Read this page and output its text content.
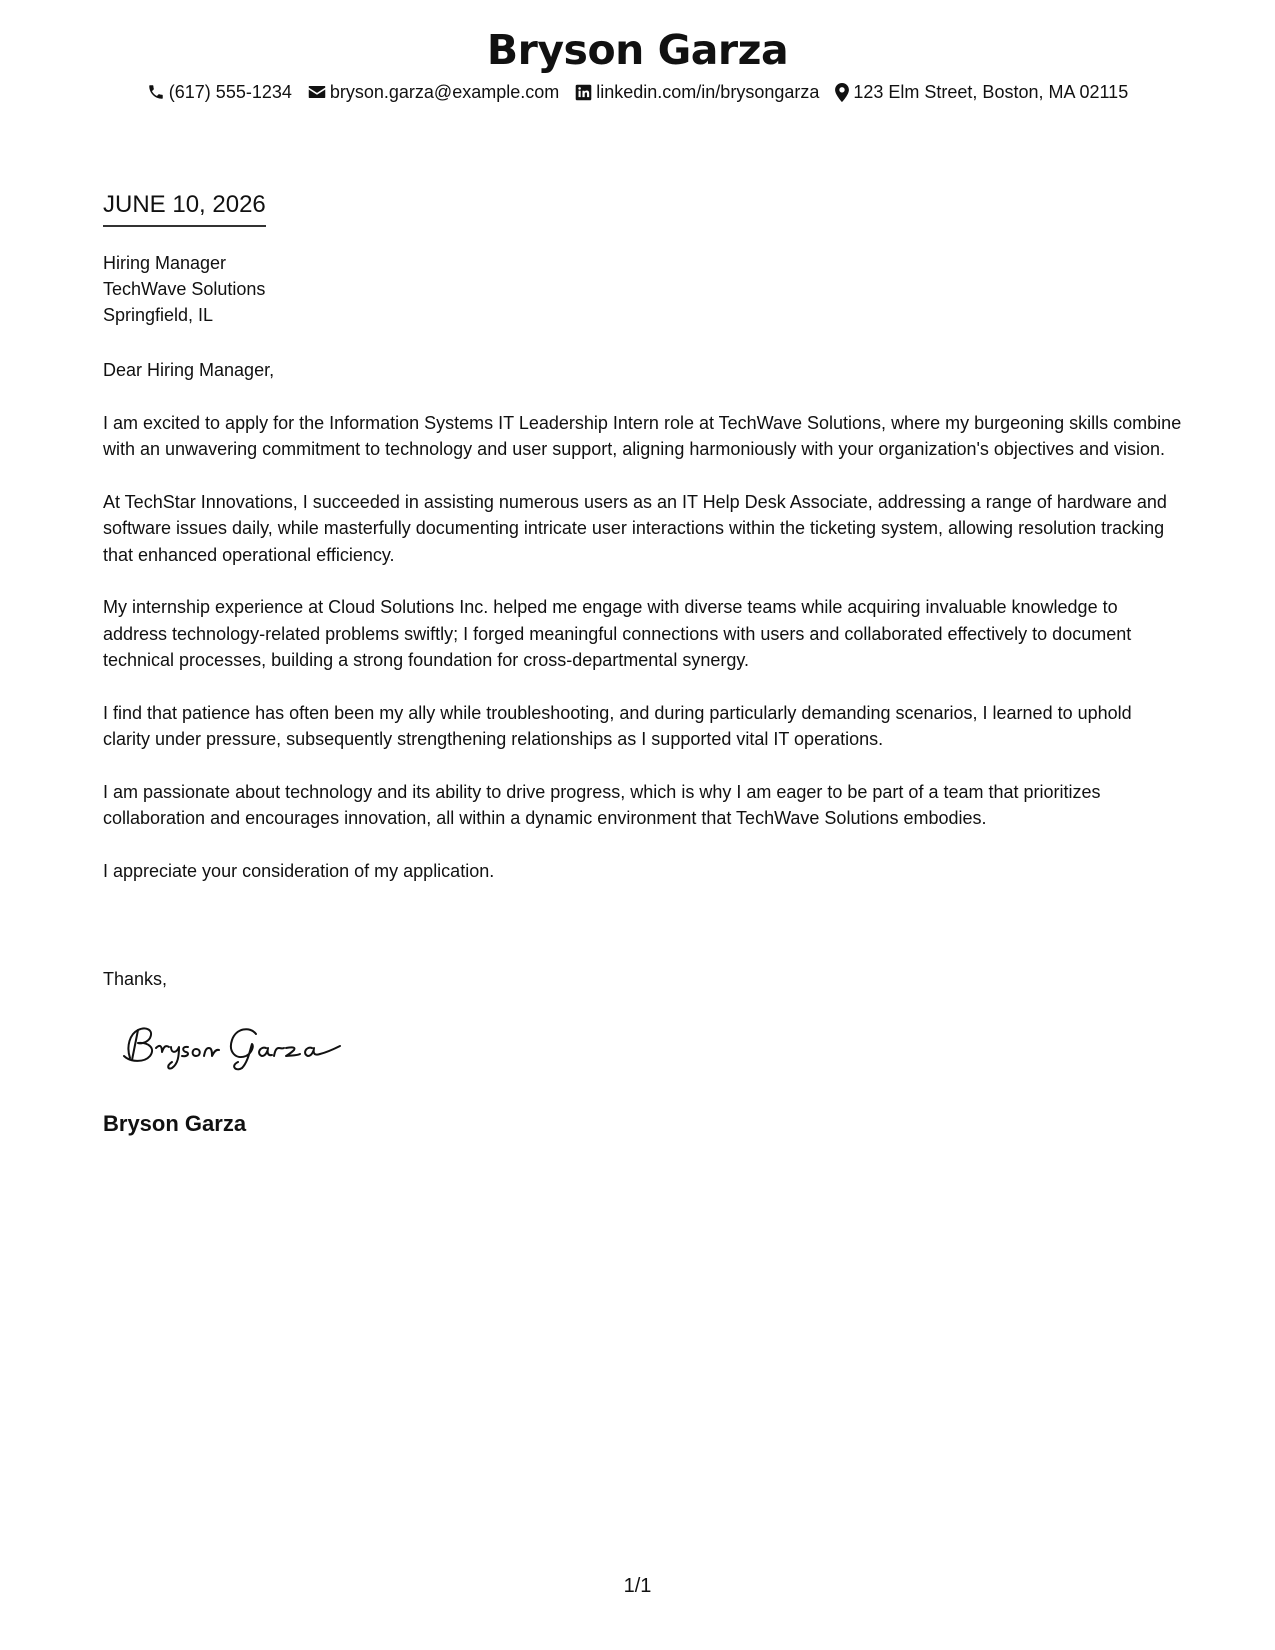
Bryson Garza
(617) 555-1234 bryson.garza@example.com linkedin.com/in/brysongarza 123 Elm Street, Boston, MA 02115
JUNE 10, 2026
Hiring Manager
TechWave Solutions
Springfield, IL

Dear Hiring Manager,

I am excited to apply for the Information Systems IT Leadership Intern role at TechWave Solutions, where my burgeoning skills combine with an unwavering commitment to technology and user support, aligning harmoniously with your organization's objectives and vision.

At TechStar Innovations, I succeeded in assisting numerous users as an IT Help Desk Associate, addressing a range of hardware and software issues daily, while masterfully documenting intricate user interactions within the ticketing system, allowing resolution tracking that enhanced operational efficiency.

My internship experience at Cloud Solutions Inc. helped me engage with diverse teams while acquiring invaluable knowledge to address technology-related problems swiftly; I forged meaningful connections with users and collaborated effectively to document technical processes, building a strong foundation for cross-departmental synergy.

I find that patience has often been my ally while troubleshooting, and during particularly demanding scenarios, I learned to uphold clarity under pressure, subsequently strengthening relationships as I supported vital IT operations.

I am passionate about technology and its ability to drive progress, which is why I am eager to be part of a team that prioritizes collaboration and encourages innovation, all within a dynamic environment that TechWave Solutions embodies.

I appreciate your consideration of my application.

Thanks,
Bryson Garza
1/1
